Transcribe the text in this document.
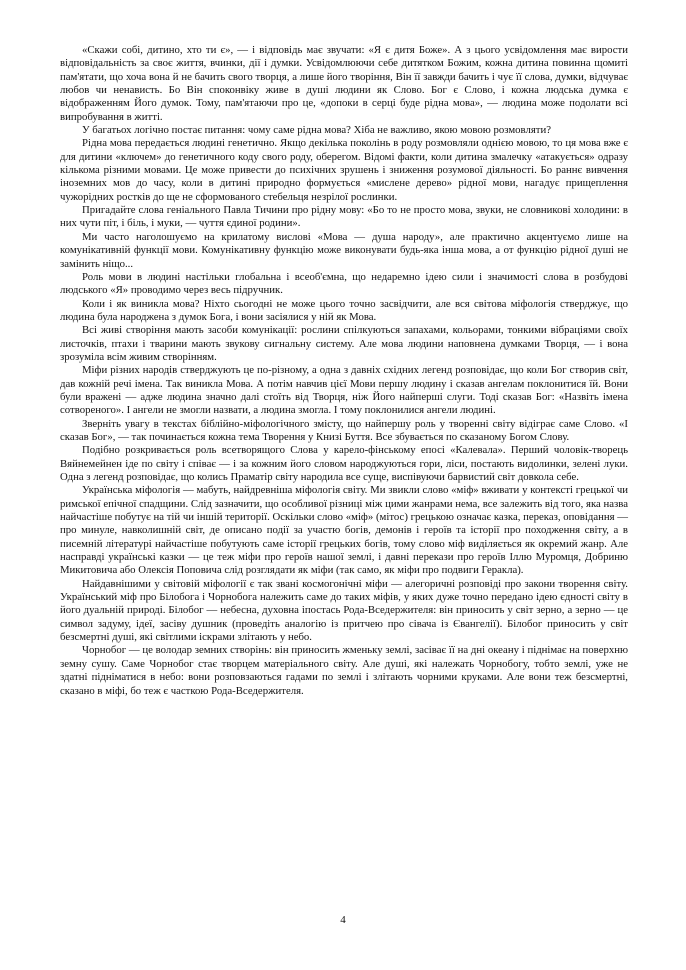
«Скажи собі, дитино, хто ти є», — і відповідь має звучати: «Я є дитя Боже». А з цього усвідомлення має вирости відповідальність за своє життя, вчинки, дії і думки. Усвідомлюючи себе дитятком Божим, кожна дитина повинна щомиті пам'ятати, що хоча вона й не бачить свого творця, а лише його творіння, Він її завжди бачить і чує її слова, думки, відчуває любов чи ненависть. Бо Він споконвіку живе в душі людини як Слово. Бог є Слово, і кожна людська думка є відображенням Його думок. Тому, пам'ятаючи про це, «допоки в серці буде рідна мова», — людина може подолати всі випробування в житті.

У багатьох логічно постає питання: чому саме рідна мова? Хіба не важливо, якою мовою розмовляти?

Рідна мова передається людині генетично. Якщо декілька поколінь в роду розмовляли однією мовою, то ця мова вже є для дитини «ключем» до генетичного коду свого роду, оберегом. Відомі факти, коли дитина змалечку «атакується» одразу кількома різними мовами. Це може привести до психічних зрушень і зниження розумової діяльності. Бо раннє вивчення іноземних мов до часу, коли в дитині природно формується «мислене дерево» рідної мови, нагадує прищеплення чужорідних ростків до ще не сформованого стебельця незрілої рослинки.

Пригадайте слова геніального Павла Тичини про рідну мову: «Бо то не просто мова, звуки, не словникові холодини: в них чути піт, і біль, і муки, — чуття єдиної родини».

Ми часто наголошуємо на крилатому вислові «Мова — душа народу», але практично акцентуємо лише на комунікативній функції мови. Комунікативну функцію може виконувати будь-яка інша мова, а от функцію рідної душі не замінить ніщо...

Роль мови в людині настільки глобальна і всеоб'ємна, що недаремно ідею сили і значимості слова в розбудові людського «Я» проводимо через весь підручник.

Коли і як виникла мова? Ніхто сьогодні не може цього точно засвідчити, але вся світова міфологія стверджує, що людина була народжена з думок Бога, і вони засіялися у ній як Мова.

Всі живі створіння мають засоби комунікації: рослини спілкуються запахами, кольорами, тонкими вібраціями своїх листочків, птахи і тварини мають звукову сигнальну систему. Але мова людини наповнена думками Творця, — і вона зрозуміла всім живим створінням.

Міфи різних народів стверджують це по-різному, а одна з давніх східних легенд розповідає, що коли Бог створив світ, дав кожній речі імена. Так виникла Мова. А потім навчив цієї Мови першу людину і сказав ангелам поклонитися їй. Вони були вражені — адже людина значно далі стоїть від Творця, ніж Його найперші слуги. Тоді сказав Бог: «Назвіть імена сотвореного». І ангели не змогли назвати, а людина змогла. І тому поклонилися ангели людині.

Зверніть увагу в текстах біблійно-міфологічного змісту, що найпершу роль у творенні світу відіграє саме Слово. «І сказав Бог», — так починається кожна тема Творення у Книзі Буття. Все збувається по сказаному Богом Слову.

Подібно розкривається роль всетворящого Слова у карело-фінському епосі «Калевала». Перший чоловік-творець Вяйнемейнен іде по світу і співає — і за кожним його словом народжуються гори, ліси, постають видолинки, зелені луки. Одна з легенд розповідає, що колись Праматір світу народила все суще, виспівуючи барвистий світ довкола себе.

Українська міфологія — мабуть, найдревніша міфологія світу. Ми звикли слово «міф» вживати у контексті грецької чи римської епічної спадщини. Слід зазначити, що особливої різниці між цими жанрами нема, все залежить від того, яка назва найчастіше побутує на тій чи іншій території. Оскільки слово «міф» (мітос) грецькою означає казка, переказ, оповідання — про минуле, навколишній світ, де описано події за участю богів, демонів і героїв та історії про походження світу, а в писемній літературі найчастіше побутують саме історії грецьких богів, тому слово міф виділяється як окремий жанр. Але насправді українські казки — це теж міфи про героїв нашої землі, і давні перекази про героїв Іллю Муромця, Добриню Микитовича або Олексія Поповича слід розглядати як міфи (так само, як міфи про подвиги Геракла).

Найдавнішими у світовій міфології є так звані космогонічні міфи — алегоричні розповіді про закони творення світу. Український міф про Білобога і Чорнобога належить саме до таких міфів, у яких дуже точно передано ідею єдності світу в його дуальній природі. Білобог — небесна, духовна іпостась Рода-Вседержителя: він приносить у світ зерно, а зерно — це символ задуму, ідеї, засіву душник (проведіть аналогію із притчею про сівача із Євангелії). Білобог приносить у світ безсмертні душі, які світлими іскрами злітають у небо.

Чорнобог — це володар земних створінь: він приносить жменьку землі, засіває її на дні океану і піднімає на поверхню земну сушу. Саме Чорнобог стає творцем матеріального світу. Але душі, які належать Чорнобогу, тобто землі, уже не здатні підніматися в небо: вони розповзаються гадами по землі і злітають чорними круками. Але вони теж безсмертні, сказано в міфі, бо теж є часткою Рода-Вседержителя.

4
